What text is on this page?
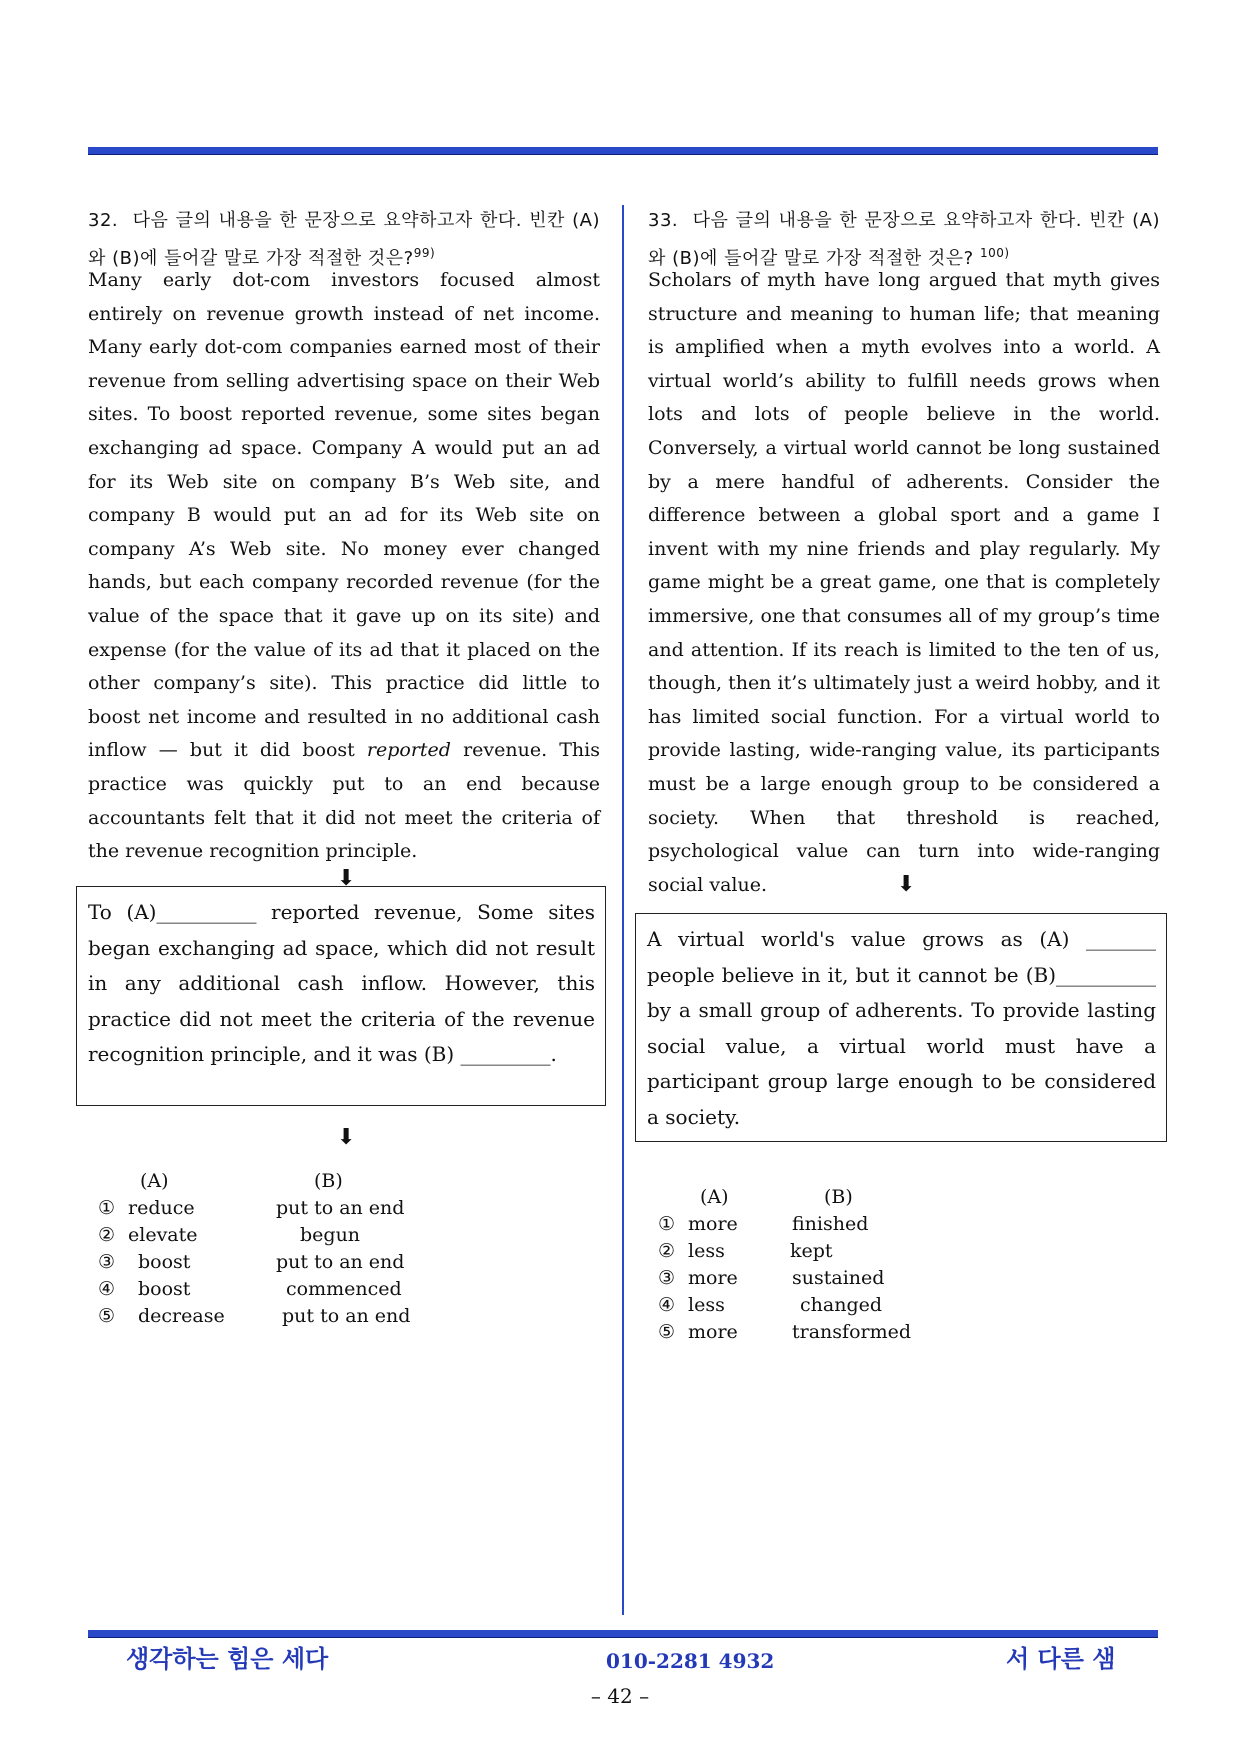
32. 다음 글의 내용을 한 문장으로 요약하고자 한다. 빈칸 (A)와 (B)에 들어갈 말로 가장 적절한 것은?$^{99)}$
Many early dot-com investors focused almost entirely on revenue growth instead of net income. Many early dot-com companies earned most of their revenue from selling advertising space on their Web sites. To boost reported revenue, some sites began exchanging ad space. Company A would put an ad for its Web site on company B’s Web site, and company B would put an ad for its Web site on company A’s Web site. No money ever changed hands, but each company recorded revenue (for the value of the space that it gave up on its site) and expense (for the value of its ad that it placed on the other company’s site). This practice did little to boost net income and resulted in no additional cash inflow — but it did boost reported revenue. This practice was quickly put to an end because accountants felt that it did not meet the criteria of the revenue recognition principle.
⬇
To (A)__________ reported revenue, Some sites began exchanging ad space, which did not result in any additional cash inflow. However, this practice did not meet the criteria of the revenue recognition principle, and it was (B) _________.
⬇
(A)	(B)
① reduce	put to an end
② elevate	begun
③ boost	put to an end
④ boost	commenced
⑤ decrease	put to an end
33. 다음 글의 내용을 한 문장으로 요약하고자 한다. 빈칸 (A)와 (B)에 들어갈 말로 가장 적절한 것은? $^{100)}$
Scholars of myth have long argued that myth gives structure and meaning to human life; that meaning is amplified when a myth evolves into a world. A virtual world’s ability to fulfill needs grows when lots and lots of people believe in the world. Conversely, a virtual world cannot be long sustained by a mere handful of adherents. Consider the difference between a global sport and a game I invent with my nine friends and play regularly. My game might be a great game, one that is completely immersive, one that consumes all of my group’s time and attention. If its reach is limited to the ten of us, though, then it’s ultimately just a weird hobby, and it has limited social function. For a virtual world to provide lasting, wide-ranging value, its participants must be a large enough group to be considered a society. When that threshold is reached, psychological value can turn into wide-ranging social value.	⬇
A virtual world's value grows as (A) _______ people believe in it, but it cannot be (B)__________ by a small group of adherents. To provide lasting social value, a virtual world must have a participant group large enough to be considered a society.
(A)	(B)
① more	finished
② less	kept
③ more	sustained
④ less	changed
⑤ more	transformed
생각하는 힘은 세다	010-2281 4932	서 다른 샘
– 42 –
